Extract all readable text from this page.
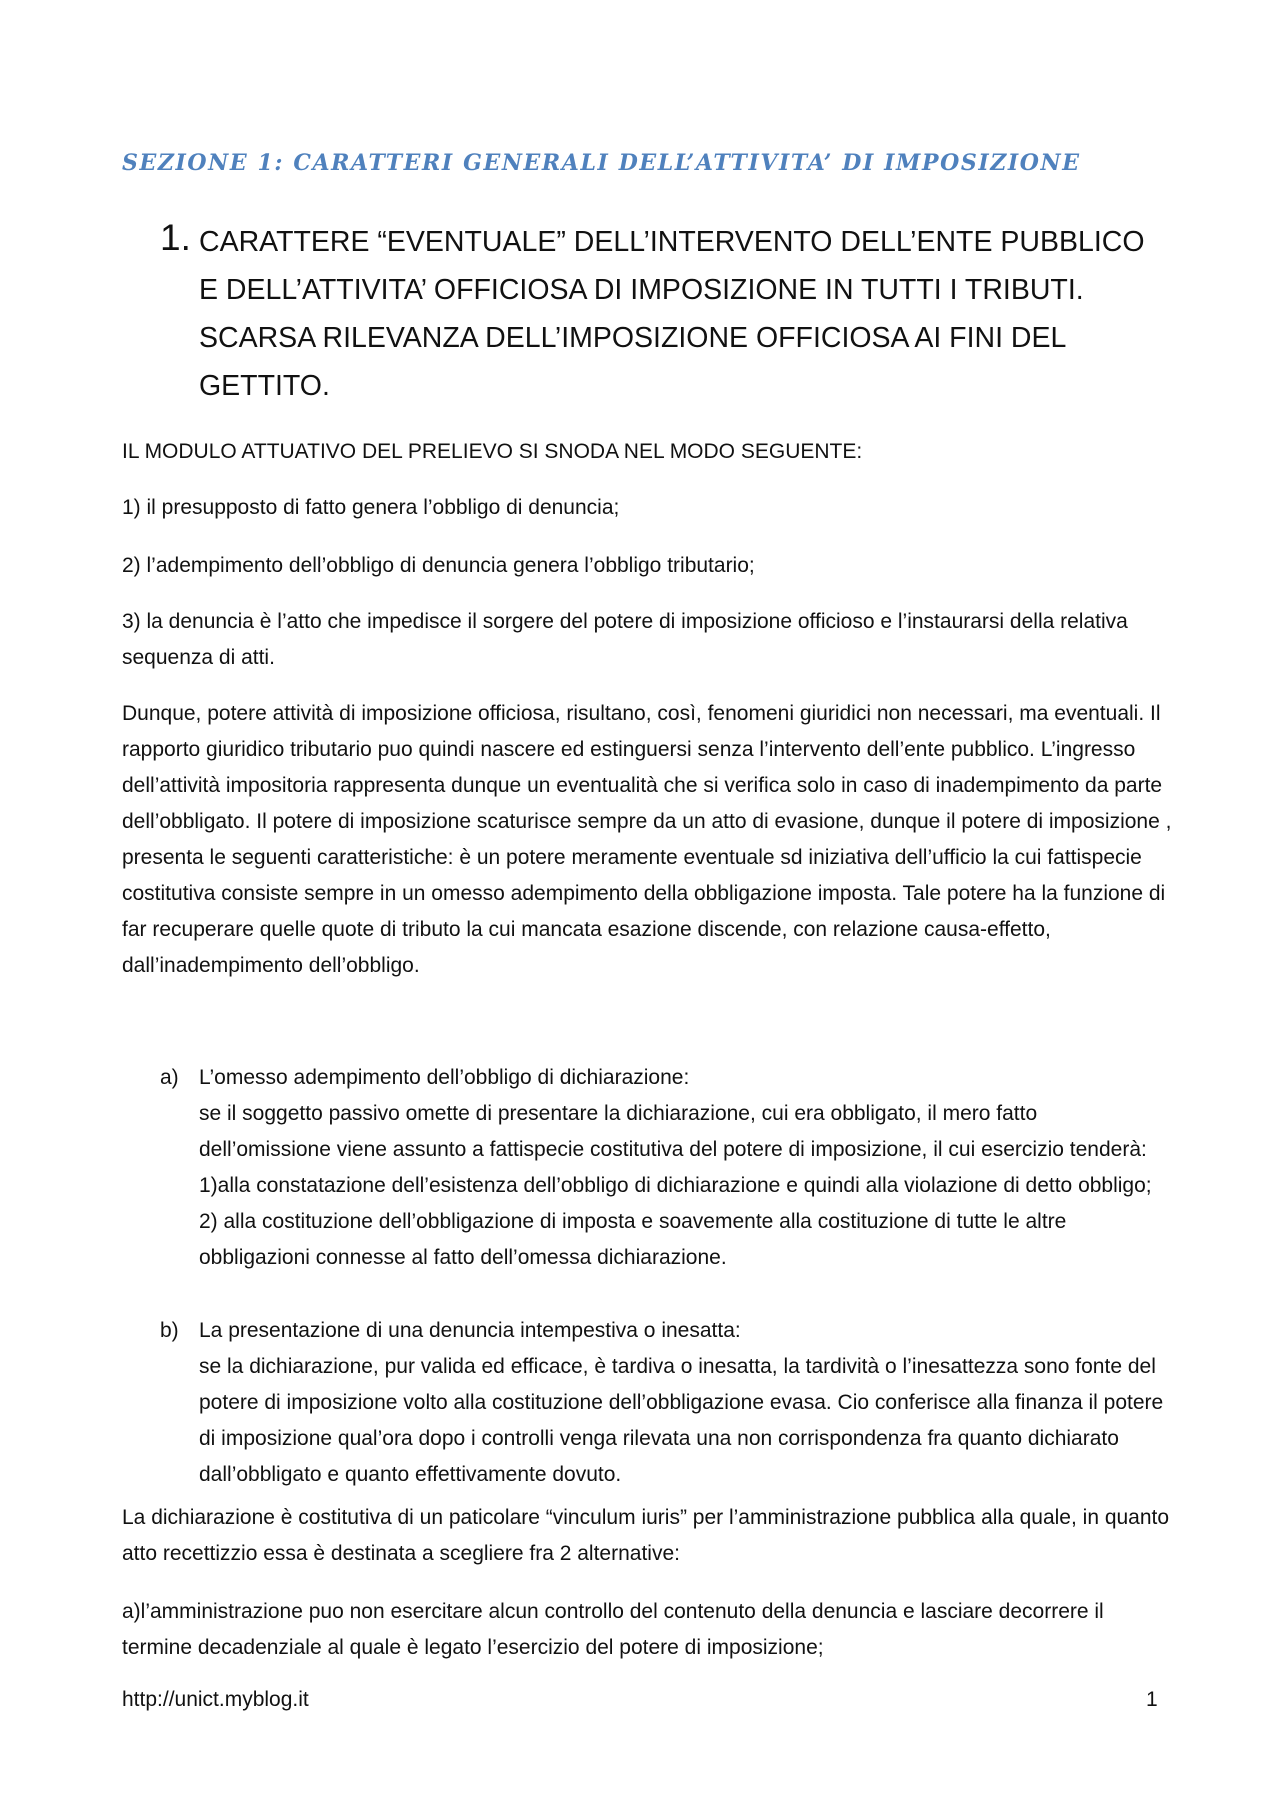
SEZIONE 1: CARATTERI GENERALI DELL’ATTIVITA’ DI IMPOSIZIONE
1. CARATTERE “EVENTUALE” DELL’INTERVENTO DELL’ENTE PUBBLICO E DELL’ATTIVITA’ OFFICIOSA DI IMPOSIZIONE IN TUTTI I TRIBUTI. SCARSA RILEVANZA DELL’IMPOSIZIONE OFFICIOSA AI FINI DEL GETTITO.

IL MODULO ATTUATIVO DEL PRELIEVO SI SNODA NEL MODO SEGUENTE:

1) il presupposto di fatto genera l’obbligo di denuncia;

2) l’adempimento dell’obbligo di denuncia genera l’obbligo tributario;

3) la denuncia è l’atto che impedisce il sorgere del potere di imposizione officioso e l’instaurarsi della relativa sequenza di atti.

Dunque, potere attività di imposizione officiosa, risultano, così, fenomeni giuridici non necessari, ma eventuali. Il rapporto giuridico tributario puo quindi nascere ed estinguersi senza l’intervento dell’ente pubblico. L’ingresso dell’attività impositoria rappresenta dunque un eventualità che si verifica solo in caso di inadempimento da parte dell’obbligato. Il potere di imposizione scaturisce sempre da un atto di evasione, dunque il potere di imposizione , presenta le seguenti caratteristiche: è un potere meramente eventuale sd iniziativa dell’ufficio la cui fattispecie costitutiva consiste sempre in un omesso adempimento della obbligazione imposta. Tale potere ha la funzione di far recuperare quelle quote di tributo la cui mancata esazione discende, con relazione causa-effetto, dall’inadempimento dell’obbligo.

a) L’omesso adempimento dell’obbligo di dichiarazione:
se il soggetto passivo omette di presentare la dichiarazione, cui era obbligato, il mero fatto dell’omissione viene assunto a fattispecie costitutiva del potere di imposizione, il cui esercizio tenderà: 1)alla constatazione dell’esistenza dell’obbligo di dichiarazione e quindi alla violazione di detto obbligo; 2) alla costituzione dell’obbligazione di imposta e soavemente alla costituzione di tutte le altre obbligazioni connesse al fatto dell’omessa dichiarazione.
b) La presentazione di una denuncia intempestiva o inesatta:
se la dichiarazione, pur valida ed efficace, è tardiva o inesatta, la tardività o l’inesattezza sono fonte del potere di imposizione volto alla costituzione dell’obbligazione evasa. Cio conferisce alla finanza il potere di imposizione qual’ora dopo i controlli venga rilevata una non corrispondenza fra quanto dichiarato dall’obbligato e quanto effettivamente dovuto.

La dichiarazione è costitutiva di un paticolare “vinculum iuris” per l’amministrazione pubblica alla quale, in quanto atto recettizzio essa è destinata a scegliere fra 2 alternative:

a)l’amministrazione puo non esercitare alcun controllo del contenuto della denuncia e lasciare decorrere il termine decadenziale al quale è legato l’esercizio del potere di imposizione;

http://unict.myblog.it	1
